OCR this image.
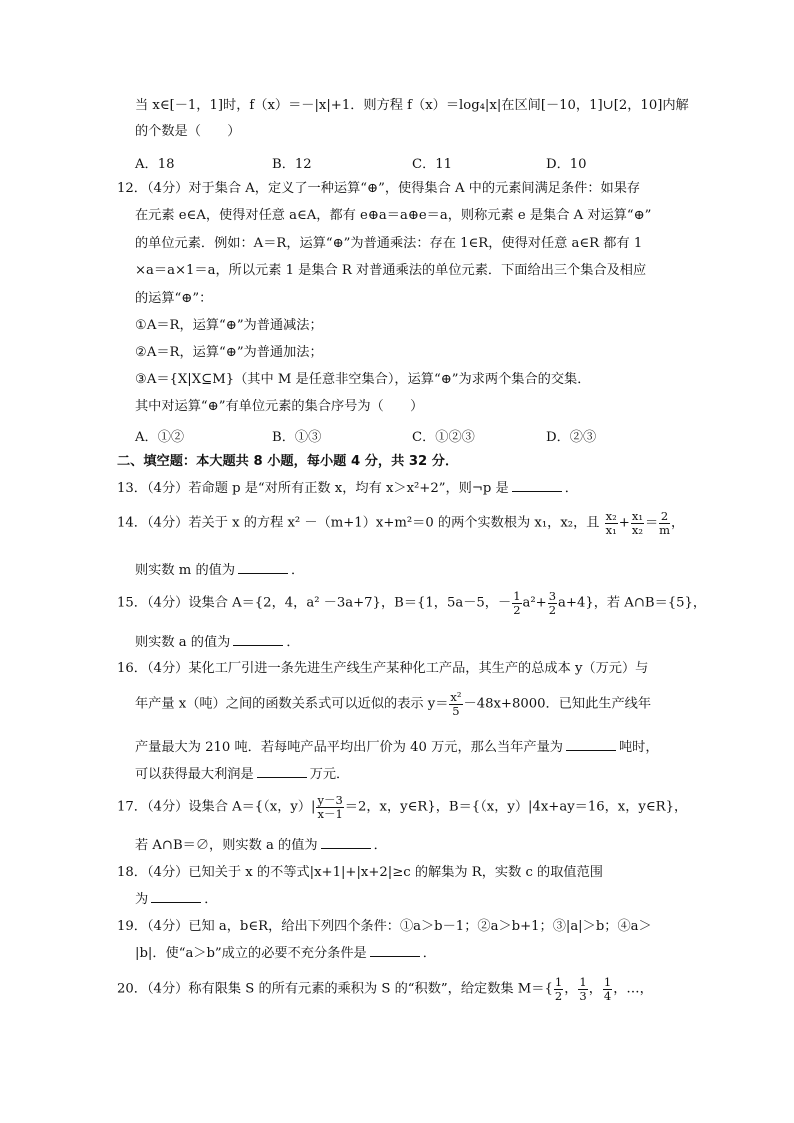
当 x∈[－1，1]时，f（x）＝－|x|+1．则方程 f（x）＝log₄|x|在区间[－10，1]∪[2，10]内解
的个数是（　　）
A．18	B．12	C．11	D．10
12．（4分）对于集合 A，定义了一种运算“⊕”，使得集合 A 中的元素间满足条件：如果存
在元素 e∈A，使得对任意 a∈A，都有 e⊕a＝a⊕e＝a，则称元素 e 是集合 A 对运算“⊕”
的单位元素．例如：A＝R，运算“⊕”为普通乘法：存在 1∈R，使得对任意 a∈R 都有 1
×a＝a×1＝a，所以元素 1 是集合 R 对普通乘法的单位元素．下面给出三个集合及相应
的运算“⊕”：
①A＝R，运算“⊕”为普通减法；
②A＝R，运算“⊕”为普通加法；
③A＝{X|X⊆M}（其中 M 是任意非空集合），运算“⊕”为求两个集合的交集．
其中对运算“⊕”有单位元素的集合序号为（　　）
A．①②	B．①③	C．①②③	D．②③
二、填空题：本大题共 8 小题，每小题 4 分，共 32 分．
13．（4分）若命题 p 是“对所有正数 x，均有 x＞x²+2”，则¬p 是	．
14．（4分）若关于 x 的方程 x² －（m+1）x+m²＝0 的两个实数根为 x₁，x₂，且 $\frac{\text{x₂}}{\text{x₁}} + \frac{\text{x₁}}{\text{x₂}} = \frac{2}{m}$ ，
则实数 m 的值为	．
15．（4分）设集合 A＝{2，4，a² －3a+7}，B＝{1，5a－5，－ $\frac{1}{2} a^2+ \frac{3}{2} a+4$}，若 A∩B＝{5}，
则实数 a 的值为	．
16．（4分）某化工厂引进一条先进生产线生产某种化工产品，其生产的总成本 y（万元）与
年产量 x（吨）之间的函数关系式可以近似的表示 $y= \frac{\text{x²}}{5} -48x+8000$．已知此生产线年
产量最大为 210 吨．若每吨产品平均出厂价为 40 万元，那么当年产量为	吨时，
可以获得最大利润是	万元．
17．（4分）设集合 A＝{（x，$y)| \frac{y-3}{x-1} =2$，x，y∈R}，B＝{（x，y）|4x+ay＝16，x，y∈R}，
若 A∩B＝∅，则实数 a 的值为	．
18．（4分）已知关于 x 的不等式|x+1|+|x+2|≥c 的解集为 R，实数 c 的取值范围
为	．
19．（4分）已知 a，b∈R，给出下列四个条件：①a＞b－1；②a＞b+1；③|a|＞b；④a＞
|b|．使“a＞b”成立的必要不充分条件是	．
20．（4分）称有限集 S 的所有元素的乘积为 S 的“积数”，给定数集 $M=\{ \frac{1}{2}$ ， $\frac{1}{3}$ ， $\frac{1}{4}$ ，…，
